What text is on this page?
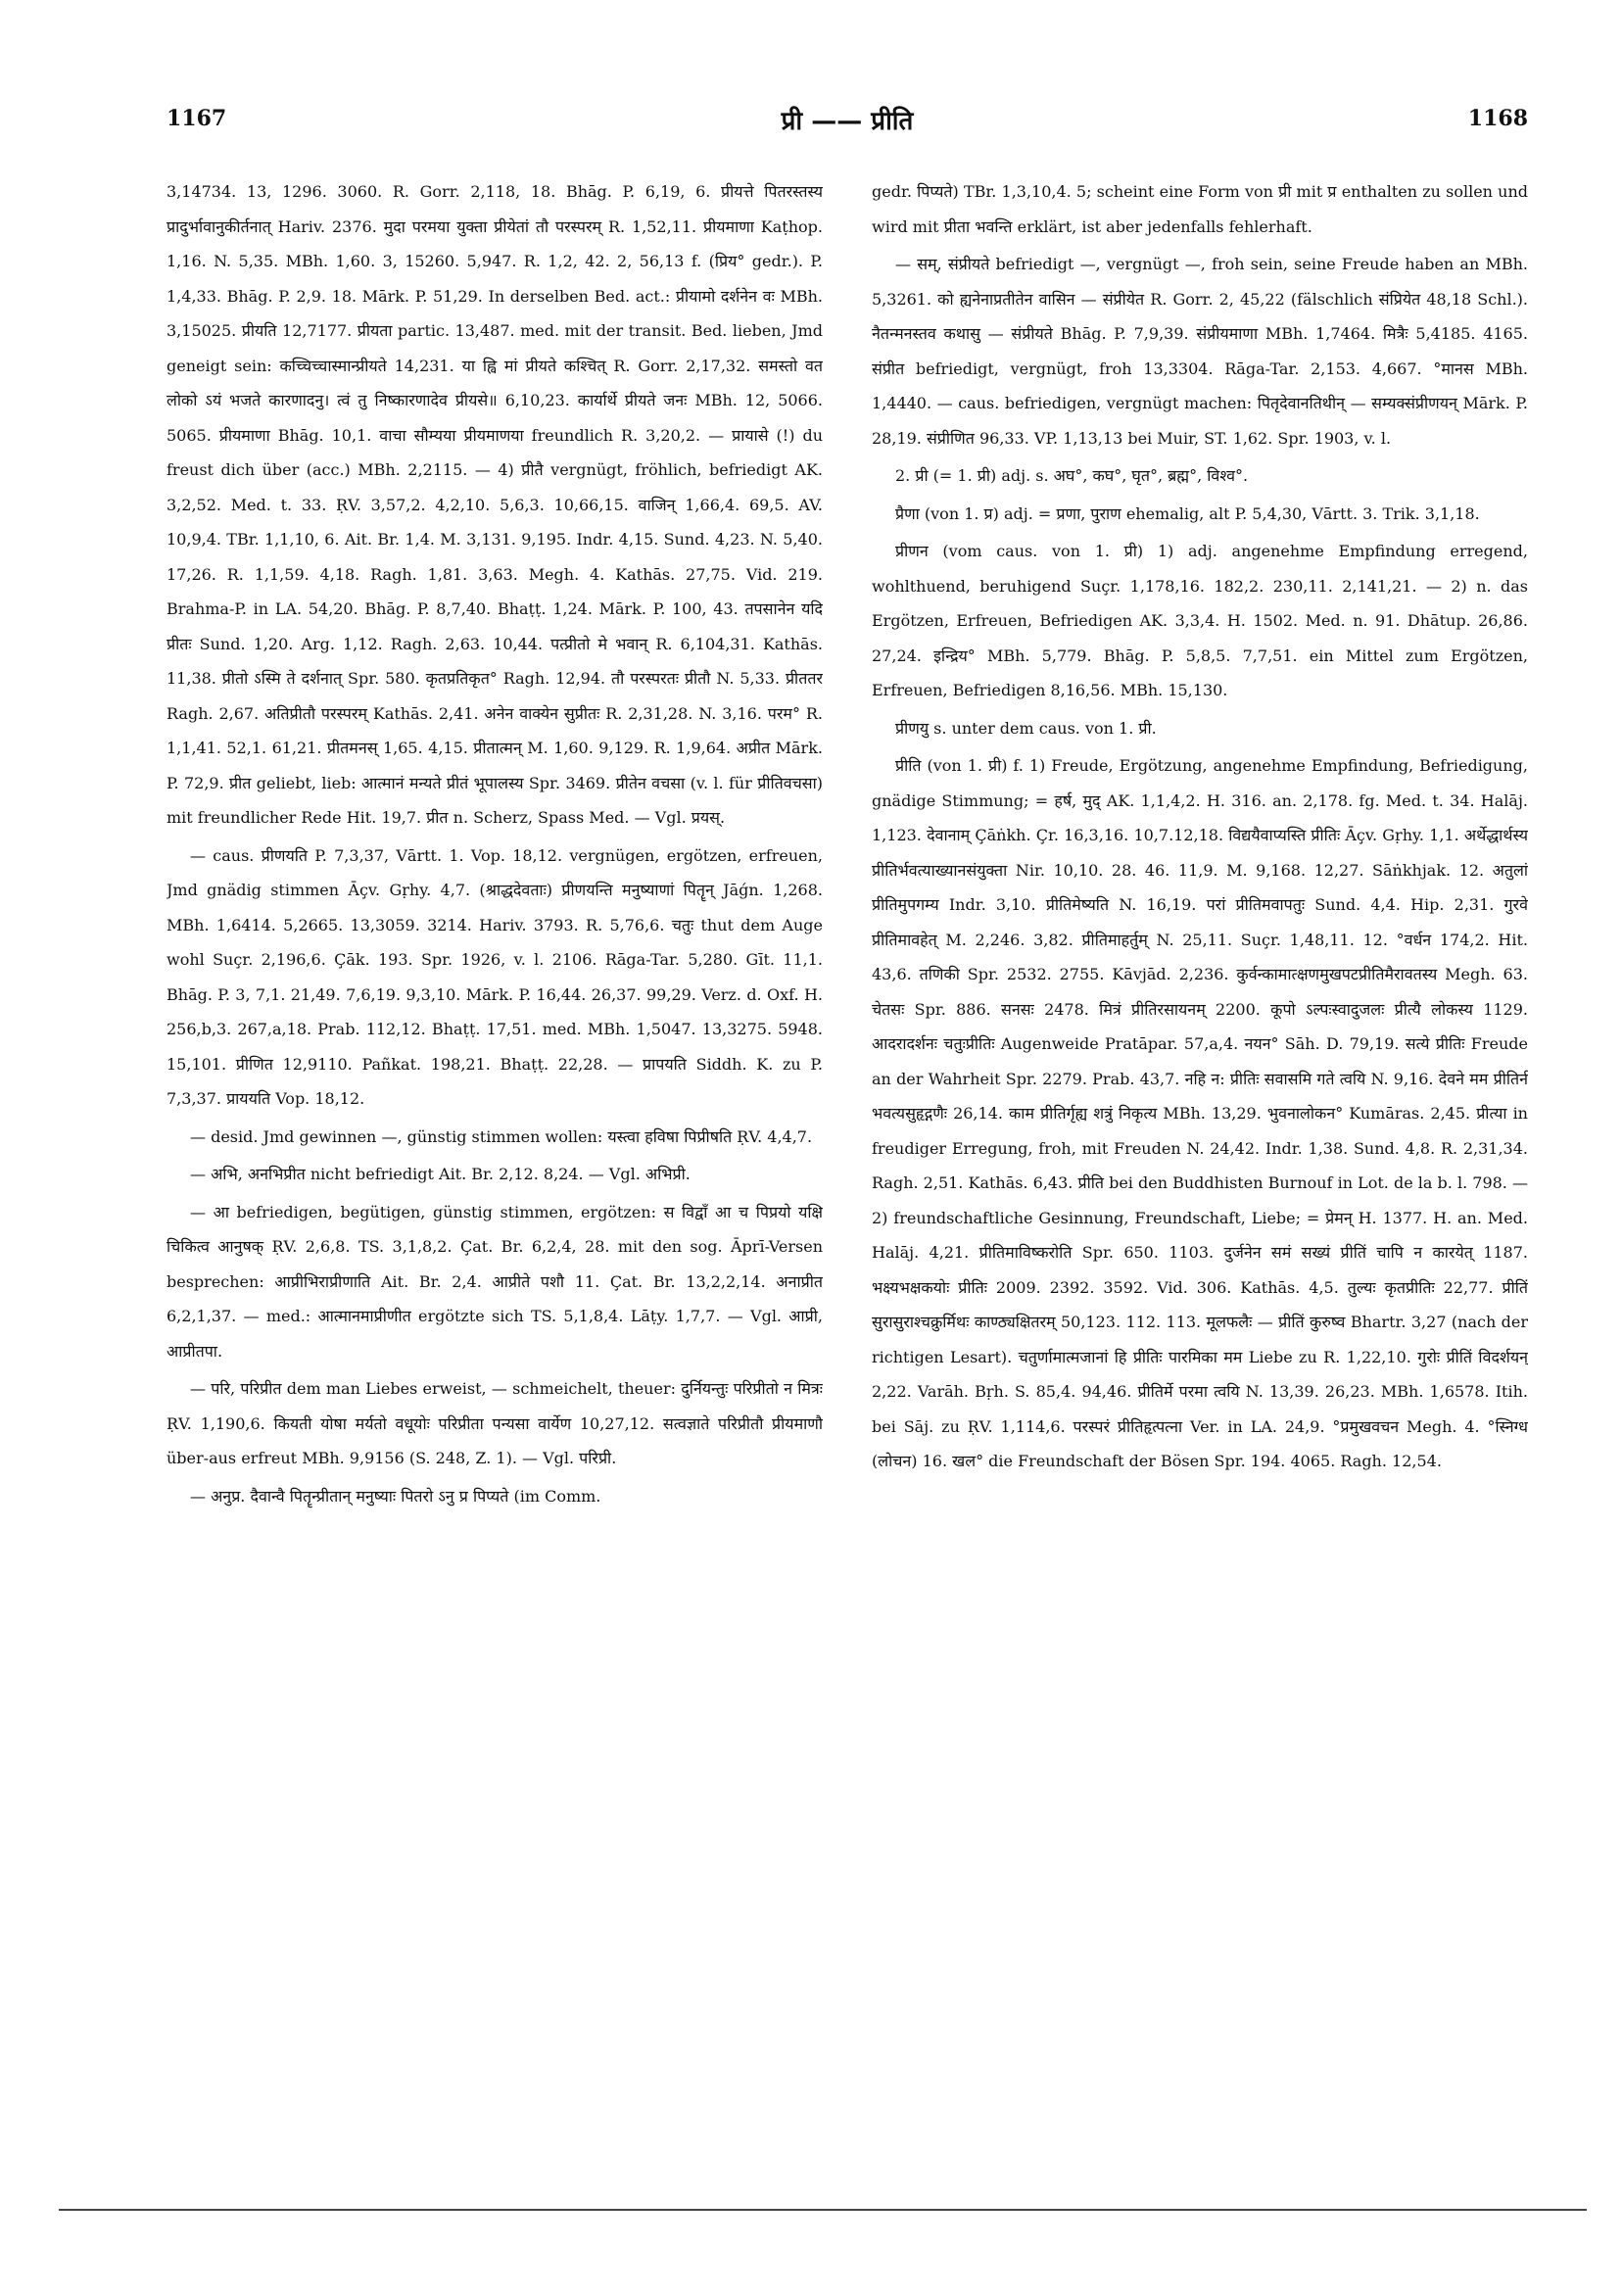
1167	प्री —— प्रीति	1168

3,14734. 13, 1296. 3060. R. Gorr. 2,118, 18. Bhāg. P. 6,19, 6. प्रीयत्ते पितरस्तस्य प्रादुर्भावानुकीर्तनात् Hariv. 2376. मुदा परमया युक्ता प्रीयेतां तौ परस्परम् R. 1,52,11. प्रीयमाणा Kaṭhop. 1,16. N. 5,35. MBh. 1,60. 3, 15260. 5,947. R. 1,2, 42. 2, 56,13 f. (प्रिय° gedr.). P. 1,4,33. Bhāg. P. 2,9. 18. Mārk. P. 51,29. In derselben Bed. act.: प्रीयामो दर्शनेन वः MBh. 3,15025. प्रीयति 12,7177. प्रीयता partic. 13,487. med. mit der transit. Bed. lieben, Jmd geneigt sein: कच्चिच्चास्मान्प्रीयते 14,231. या ह्वि मां प्रीयते कश्चित् R. Gorr. 2,17,32. समस्तो वत लोको ऽयं भजते कारणादनु। त्वं तु निष्कारणादेव प्रीयसे॥ 6,10,23. कार्यार्थे प्रीयते जनः MBh. 12, 5066. 5065. प्रीयमाणा Bhāg. 10,1. वाचा सौम्यया प्रीयमाणया freundlich R. 3,20,2. — प्रायासे (!) du freust dich über (acc.) MBh. 2,2115. — 4) प्रीतै vergnügt, fröhlich, befriedigt AK. 3,2,52. Med. t. 33. ṚV. 3,57,2. 4,2,10. 5,6,3. 10,66,15. वाजिन् 1,66,4. 69,5. AV. 10,9,4. TBr. 1,1,10, 6. Ait. Br. 1,4. M. 3,131. 9,195. Indr. 4,15. Sund. 4,23. N. 5,40. 17,26. R. 1,1,59. 4,18. Ragh. 1,81. 3,63. Megh. 4. Kathās. 27,75. Vid. 219. Brahma-P. in LA. 54,20. Bhāg. P. 8,7,40. Bhaṭṭ. 1,24. Mārk. P. 100, 43. तपसानेन यदि प्रीतः Sund. 1,20. Arg. 1,12. Ragh. 2,63. 10,44. पत्प्रीतो मे भवान् R. 6,104,31. Kathās. 11,38. प्रीतो ऽस्मि ते दर्शनात् Spr. 580. कृतप्रतिकृत° Ragh. 12,94. तौ परस्परतः प्रीतौ N. 5,33. प्रीततर Ragh. 2,67. अतिप्रीतौ परस्परम् Kathās. 2,41. अनेन वाक्येन सुप्रीतः R. 2,31,28. N. 3,16. परम° R. 1,1,41. 52,1. 61,21. प्रीतमनस् 1,65. 4,15. प्रीतात्मन् M. 1,60. 9,129. R. 1,9,64. अप्रीत Mārk. P. 72,9. प्रीत geliebt, lieb: आत्मानं मन्यते प्रीतं भूपालस्य Spr. 3469. प्रीतेन वचसा (v. l. für प्रीतिवचसा) mit freundlicher Rede Hit. 19,7. प्रीत n. Scherz, Spass Med. — Vgl. प्रयस्.

— caus. प्रीणयति P. 7,3,37, Vārtt. 1. Vop. 18,12. vergnügen, ergötzen, erfreuen, Jmd gnädig stimmen Āçv. Gṛhy. 4,7. (श्राद्धदेवताः) प्रीणयन्ति मनुष्याणां पितॄन् Jāǵn. 1,268. MBh. 1,6414. 5,2665. 13,3059. 3214. Hariv. 3793. R. 5,76,6. चतुः thut dem Auge wohl Suçr. 2,196,6. Çāk. 193. Spr. 1926, v. l. 2106. Rāga-Tar. 5,280. Gīt. 11,1. Bhāg. P. 3, 7,1. 21,49. 7,6,19. 9,3,10. Mārk. P. 16,44. 26,37. 99,29. Verz. d. Oxf. H. 256,b,3. 267,a,18. Prab. 112,12. Bhaṭṭ. 17,51. med. MBh. 1,5047. 13,3275. 5948. 15,101. प्रीणित 12,9110. Pañkat. 198,21. Bhaṭṭ. 22,28. — प्रापयति Siddh. K. zu P. 7,3,37. प्राययति Vop. 18,12.

— desid. Jmd gewinnen —, günstig stimmen wollen: यस्त्वा हविषा पिप्रीषति ṚV. 4,4,7.

— अभि, अनभिप्रीत nicht befriedigt Ait. Br. 2,12. 8,24. — Vgl. अभिप्री.

— आ befriedigen, begütigen, günstig stimmen, ergötzen: स विद्वाँ आ च पिप्रयो यक्षि चिकित्व आनुषक् ṚV. 2,6,8. TS. 3,1,8,2. Çat. Br. 6,2,4, 28. mit den sog. Āprī-Versen besprechen: आप्रीभिराप्रीणाति Ait. Br. 2,4. आप्रीते पशौ 11. Çat. Br. 13,2,2,14. अनाप्रीत 6,2,1,37. — med.: आत्मानमाप्रीणीत ergötzte sich TS. 5,1,8,4. Lāṭy. 1,7,7. — Vgl. आप्री, आप्रीतपा.

— परि, परिप्रीत dem man Liebes erweist, — schmeichelt, theuer: दुर्नियन्तुः परिप्रीतो न मित्रः ṚV. 1,190,6. कियती योषा मर्यतो वधूयोः परिप्रीता पन्यसा वार्येण 10,27,12. सत्वज्ञाते परिप्रीतौ प्रीयमाणौ über-aus erfreut MBh. 9,9156 (S. 248, Z. 1). — Vgl. परिप्री.

— अनुप्र. दैवान्वै पितॄन्प्रीतान् मनुष्याः पितरो ऽनु प्र पिप्यते (im Comm.

gedr. पिप्यते) TBr. 1,3,10,4. 5; scheint eine Form von प्री mit प्र enthalten zu sollen und wird mit प्रीता भवन्ति erklärt, ist aber jedenfalls fehlerhaft.

— सम्, संप्रीयते befriedigt —, vergnügt —, froh sein, seine Freude haben an MBh. 5,3261. को ह्यनेनाप्रतीतेन वासिन — संप्रीयेत R. Gorr. 2, 45,22 (fälschlich संप्रियेत 48,18 Schl.). नैतन्मनस्तव कथासु — संप्रीयते Bhāg. P. 7,9,39. संप्रीयमाणा MBh. 1,7464. मित्रैः 5,4185. 4165. संप्रीत befriedigt, vergnügt, froh 13,3304. Rāga-Tar. 2,153. 4,667. °मानस MBh. 1,4440. — caus. befriedigen, vergnügt machen: पितृदेवानतिथीन् — सम्यक्संप्रीणयन् Mārk. P. 28,19. संप्रीणित 96,33. VP. 1,13,13 bei Muir, ST. 1,62. Spr. 1903, v. l.

2. प्री (= 1. प्री) adj. s. अघ°, कघ°, घृत°, ब्रह्म°, विश्व°.

प्रैणा (von 1. प्र) adj. = प्रणा, पुराण ehemalig, alt P. 5,4,30, Vārtt. 3. Trik. 3,1,18.

प्रीणन (vom caus. von 1. प्री) 1) adj. angenehme Empfindung erregend, wohlthuend, beruhigend Suçr. 1,178,16. 182,2. 230,11. 2,141,21. — 2) n. das Ergötzen, Erfreuen, Befriedigen AK. 3,3,4. H. 1502. Med. n. 91. Dhātup. 26,86. 27,24. इन्द्रिय° MBh. 5,779. Bhāg. P. 5,8,5. 7,7,51. ein Mittel zum Ergötzen, Erfreuen, Befriedigen 8,16,56. MBh. 15,130.

प्रीणयु s. unter dem caus. von 1. प्री.

प्रीति (von 1. प्री) f. 1) Freude, Ergötzung, angenehme Empfindung, Befriedigung, gnädige Stimmung; = हर्ष, मुद् AK. 1,1,4,2. H. 316. an. 2,178. fg. Med. t. 34. Halāj. 1,123. देवानाम् Çāṅkh. Çr. 16,3,16. 10,7.12,18. विद्ययैवाप्यस्ति प्रीतिः Āçv. Gṛhy. 1,1. अर्थेद्धार्थस्य प्रीतिर्भवत्याख्यानसंयुक्ता Nir. 10,10. 28. 46. 11,9. M. 9,168. 12,27. Sāṅkhjak. 12. अतुलां प्रीतिमुपगम्य Indr. 3,10. प्रीतिमेष्यति N. 16,19. परां प्रीतिमवापतुः Sund. 4,4. Hip. 2,31. गुरवे प्रीतिमावहेत् M. 2,246. 3,82. प्रीतिमाहर्तुम् N. 25,11. Suçr. 1,48,11. 12. °वर्धन 174,2. Hit. 43,6. तणिकी Spr. 2532. 2755. Kāvjād. 2,236. कुर्वन्कामात्क्षणमुखपटप्रीतिमैरावतस्य Megh. 63. चेतसः Spr. 886. सनसः 2478. मित्रं प्रीतिरसायनम् 2200. कूपो ऽल्पःस्वादुजलः प्रीत्यै लोकस्य 1129. आदरादर्शनः चतुःप्रीतिः Augenweide Pratāpar. 57,a,4. नयन° Sāh. D. 79,19. सत्ये प्रीतिः Freude an der Wahrheit Spr. 2279. Prab. 43,7. नहि न: प्रीतिः सवासमि गते त्वयि N. 9,16. देवने मम प्रीतिर्न भवत्यसुहृद्गणैः 26,14. काम प्रीतिर्गृह्य शत्रुं निकृत्य MBh. 13,29. भुवनालोकन° Kumāras. 2,45. प्रीत्या in freudiger Erregung, froh, mit Freuden N. 24,42. Indr. 1,38. Sund. 4,8. R. 2,31,34. Ragh. 2,51. Kathās. 6,43. प्रीति bei den Buddhisten Burnouf in Lot. de la b. l. 798. — 2) freundschaftliche Gesinnung, Freundschaft, Liebe; = प्रेमन् H. 1377. H. an. Med. Halāj. 4,21. प्रीतिमाविष्करोति Spr. 650. 1103. दुर्जनेन समं सख्यं प्रीतिं चापि न कारयेत् 1187. भक्ष्यभक्षकयोः प्रीतिः 2009. 2392. 3592. Vid. 306. Kathās. 4,5. तुल्यः कृतप्रीतिः 22,77. प्रीतिं सुरासुराश्चक्रुर्मिथः काण्ठ्यक्षितरम् 50,123. 112. 113. मूलफलैः — प्रीतिं कुरुष्व Bhartr. 3,27 (nach der richtigen Lesart). चतुर्णामात्मजानां हि प्रीतिः पारमिका मम Liebe zu R. 1,22,10. गुरोः प्रीतिं विदर्शयन् 2,22. Varāh. Bṛh. S. 85,4. 94,46. प्रीतिर्मे परमा त्वयि N. 13,39. 26,23. MBh. 1,6578. Itih. bei Sāj. zu ṚV. 1,114,6. परस्परं प्रीतिहृत्पत्ना Ver. in LA. 24,9. °प्रमुखवचन Megh. 4. °स्निग्ध (लोचन) 16. खल° die Freundschaft der Bösen Spr. 194. 4065. Ragh. 12,54.
